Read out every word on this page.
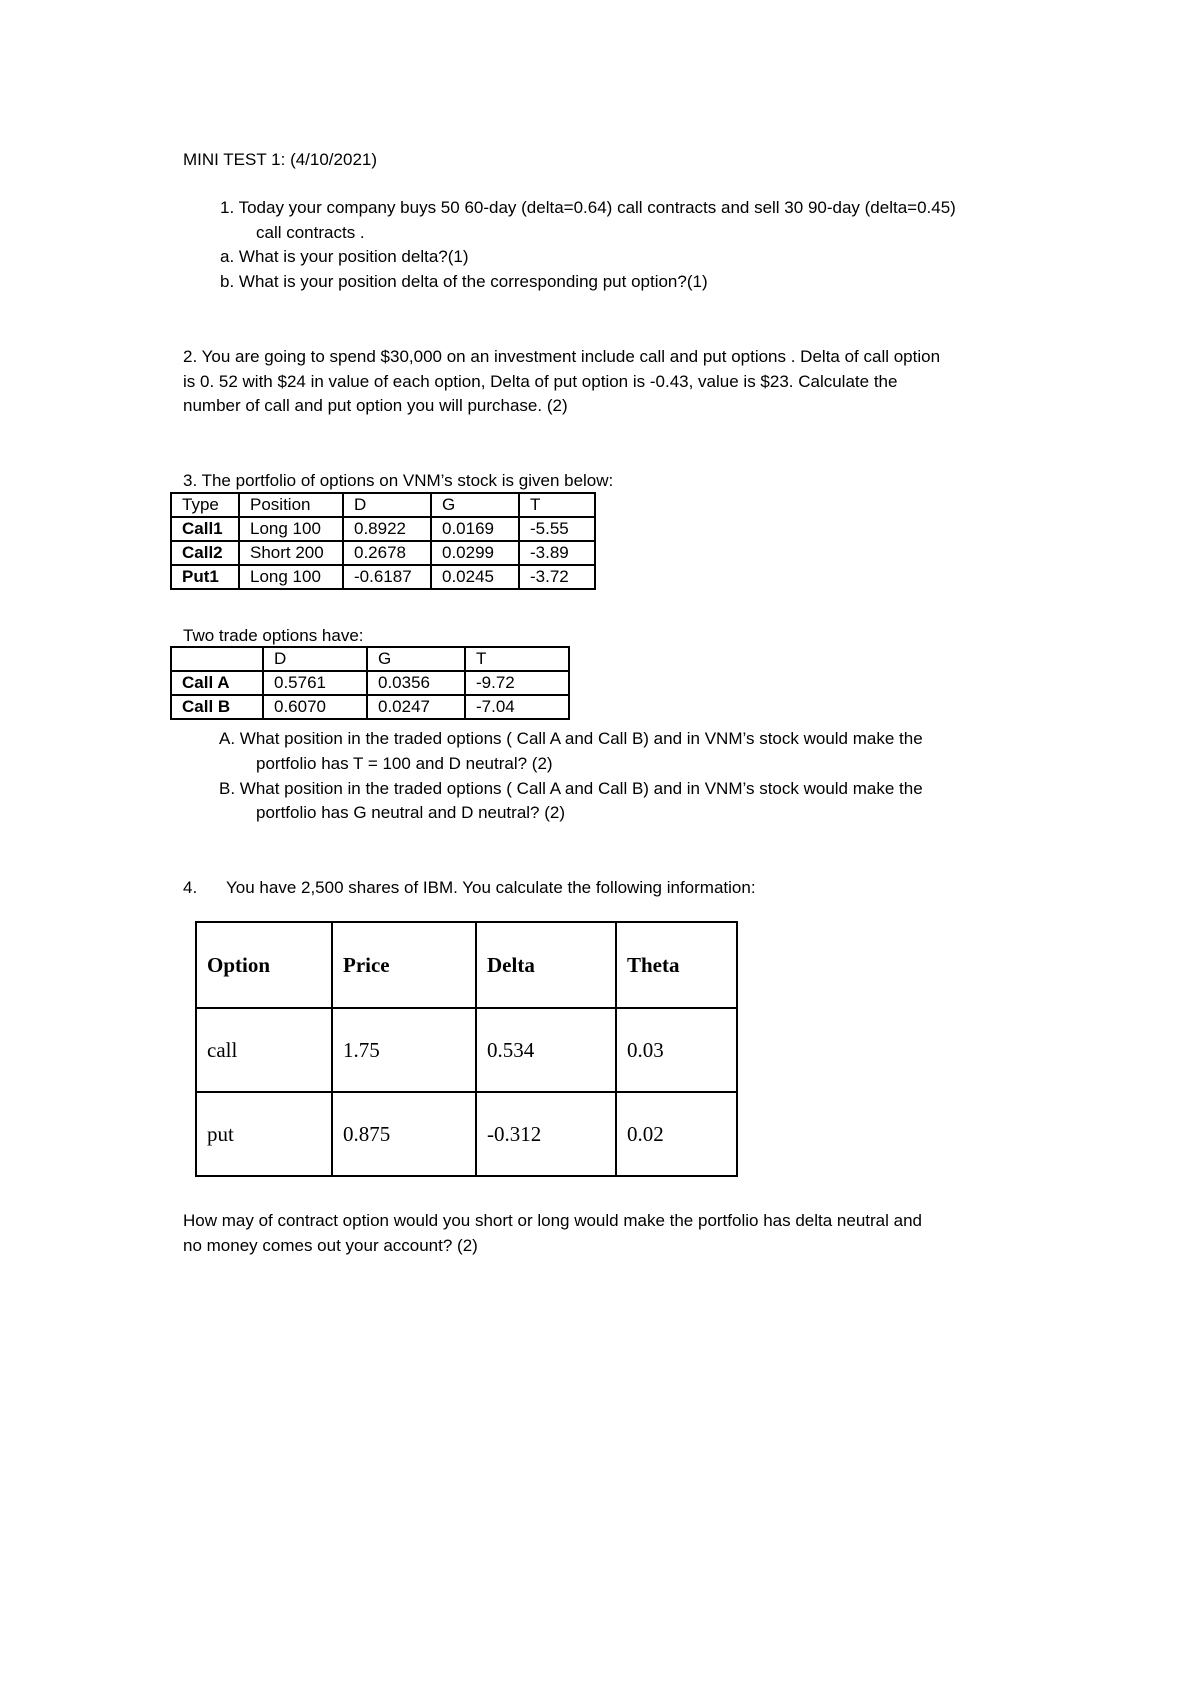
MINI TEST 1: (4/10/2021)
1. Today your company buys 50 60-day (delta=0.64) call contracts and sell 30 90-day (delta=0.45)
call contracts .
a. What is your position delta?(1)
b. What is your position delta of the corresponding put option?(1)
2. You are going to spend $30,000 on an investment include call and put options . Delta of call option
is 0. 52 with $24 in value of each option, Delta of put option is -0.43, value is $23. Calculate the
number of call and put option you will purchase. (2)
3. The portfolio of options on VNM’s stock is given below:
Type	Position	D	G	T
Call1	Long 100	0.8922	0.0169	-5.55
Call2	Short 200	0.2678	0.0299	-3.89
Put1	Long 100	-0.6187	0.0245	-3.72
Two trade options have:
	D	G	T
Call A	0.5761	0.0356	-9.72
Call B	0.6070	0.0247	-7.04
A. What position in the traded options ( Call A and Call B) and in VNM’s stock would make the
portfolio has T = 100 and D neutral? (2)
B. What position in the traded options ( Call A and Call B) and in VNM’s stock would make the
portfolio has G neutral and D neutral? (2)
4. You have 2,500 shares of IBM. You calculate the following information:
Option	Price	Delta	Theta
call	1.75	0.534	0.03
put	0.875	-0.312	0.02
How may of contract option would you short or long would make the portfolio has delta neutral and
no money comes out your account? (2)
